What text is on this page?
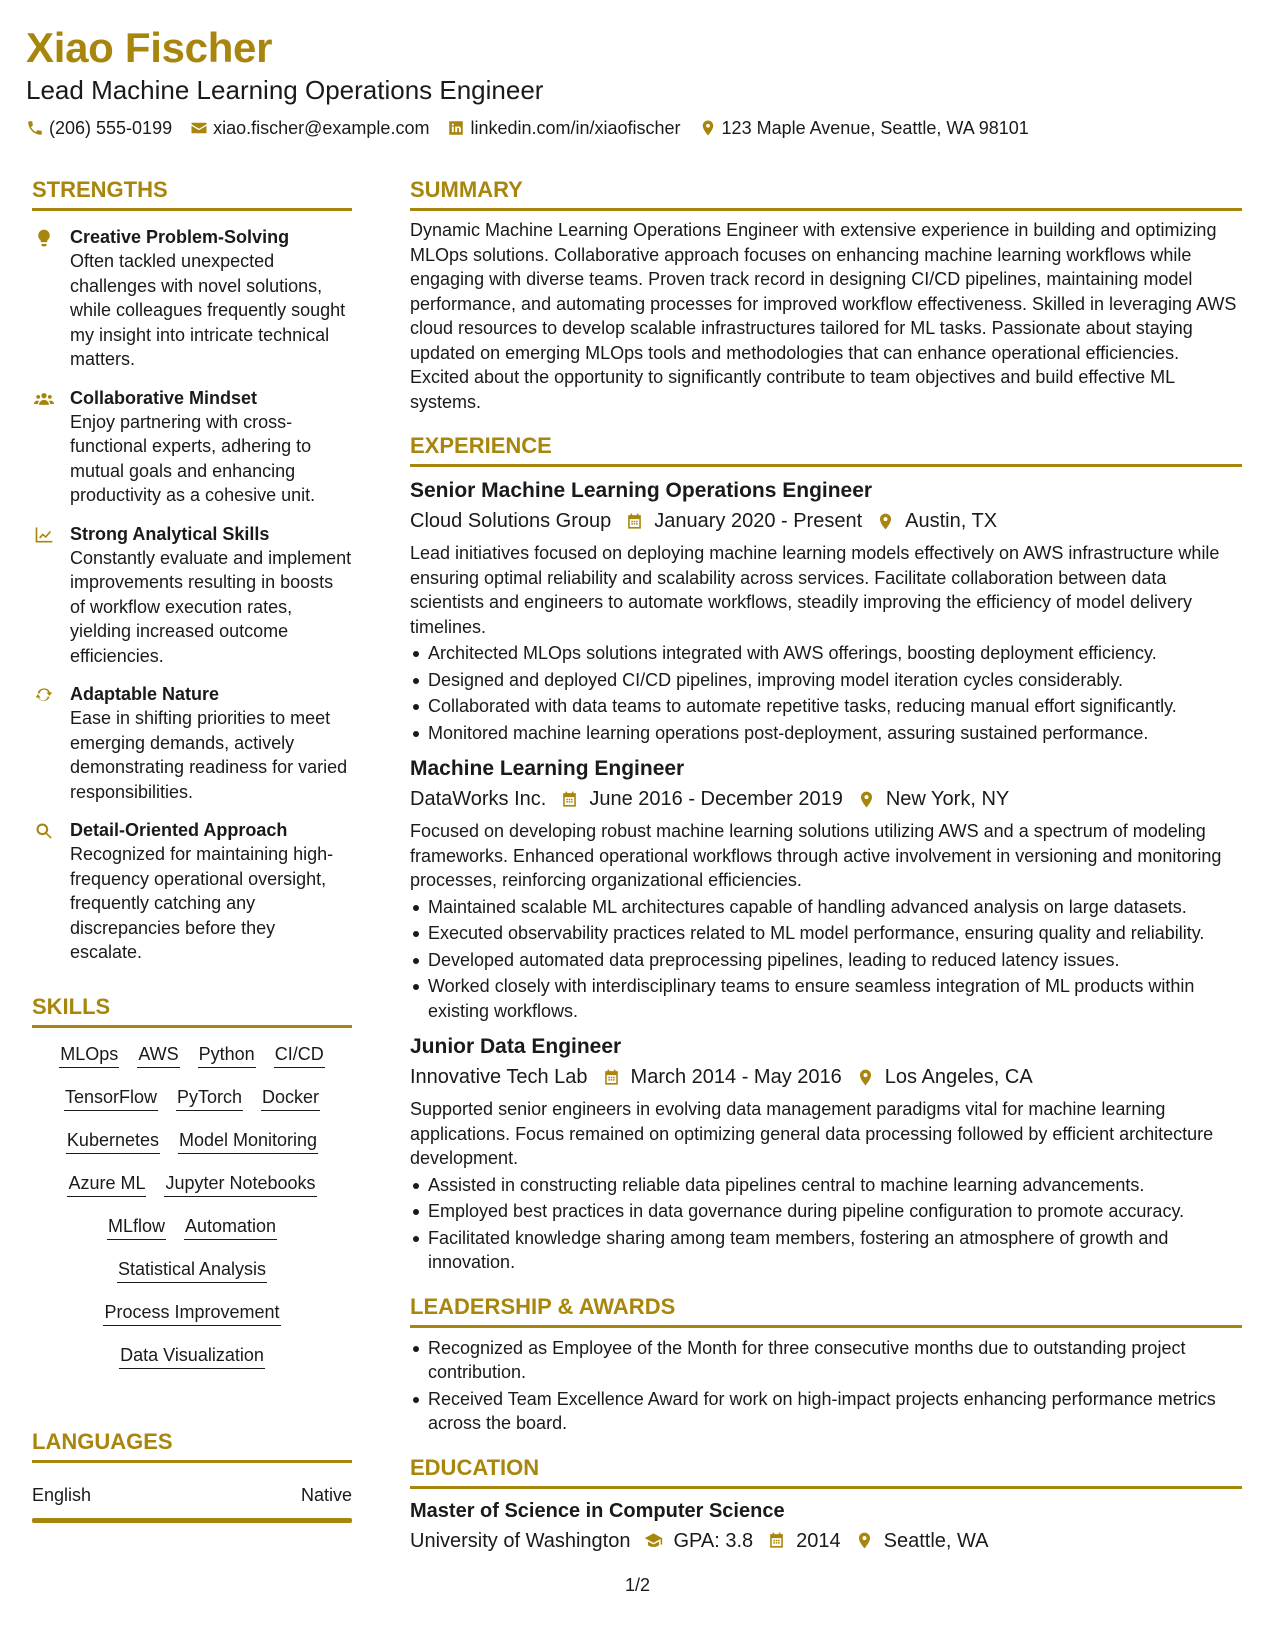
Xiao Fischer
Lead Machine Learning Operations Engineer
(206) 555-0199 xiao.fischer@example.com linkedin.com/in/xiaofischer 123 Maple Avenue, Seattle, WA 98101
STRENGTHS
Creative Problem-Solving
Often tackled unexpected challenges with novel solutions, while colleagues frequently sought my insight into intricate technical matters.
Collaborative Mindset
Enjoy partnering with cross-functional experts, adhering to mutual goals and enhancing productivity as a cohesive unit.
Strong Analytical Skills
Constantly evaluate and implement improvements resulting in boosts of workflow execution rates, yielding increased outcome efficiencies.
Adaptable Nature
Ease in shifting priorities to meet emerging demands, actively demonstrating readiness for varied responsibilities.
Detail-Oriented Approach
Recognized for maintaining high-frequency operational oversight, frequently catching any discrepancies before they escalate.
SKILLS
MLOps AWS Python CI/CD
TensorFlow PyTorch Docker
Kubernetes Model Monitoring
Azure ML Jupyter Notebooks
MLflow Automation
Statistical Analysis
Process Improvement
Data Visualization
LANGUAGES
English	Native
SUMMARY
Dynamic Machine Learning Operations Engineer with extensive experience in building and optimizing MLOps solutions. Collaborative approach focuses on enhancing machine learning workflows while engaging with diverse teams. Proven track record in designing CI/CD pipelines, maintaining model performance, and automating processes for improved workflow effectiveness. Skilled in leveraging AWS cloud resources to develop scalable infrastructures tailored for ML tasks. Passionate about staying updated on emerging MLOps tools and methodologies that can enhance operational efficiencies. Excited about the opportunity to significantly contribute to team objectives and build effective ML systems.
EXPERIENCE
Senior Machine Learning Operations Engineer
Cloud Solutions Group January 2020 - Present Austin, TX
Lead initiatives focused on deploying machine learning models effectively on AWS infrastructure while ensuring optimal reliability and scalability across services. Facilitate collaboration between data scientists and engineers to automate workflows, steadily improving the efficiency of model delivery timelines.
Architected MLOps solutions integrated with AWS offerings, boosting deployment efficiency.
Designed and deployed CI/CD pipelines, improving model iteration cycles considerably.
Collaborated with data teams to automate repetitive tasks, reducing manual effort significantly.
Monitored machine learning operations post-deployment, assuring sustained performance.
Machine Learning Engineer
DataWorks Inc. June 2016 - December 2019 New York, NY
Focused on developing robust machine learning solutions utilizing AWS and a spectrum of modeling frameworks. Enhanced operational workflows through active involvement in versioning and monitoring processes, reinforcing organizational efficiencies.
Maintained scalable ML architectures capable of handling advanced analysis on large datasets.
Executed observability practices related to ML model performance, ensuring quality and reliability.
Developed automated data preprocessing pipelines, leading to reduced latency issues.
Worked closely with interdisciplinary teams to ensure seamless integration of ML products within existing workflows.
Junior Data Engineer
Innovative Tech Lab March 2014 - May 2016 Los Angeles, CA
Supported senior engineers in evolving data management paradigms vital for machine learning applications. Focus remained on optimizing general data processing followed by efficient architecture development.
Assisted in constructing reliable data pipelines central to machine learning advancements.
Employed best practices in data governance during pipeline configuration to promote accuracy.
Facilitated knowledge sharing among team members, fostering an atmosphere of growth and innovation.
LEADERSHIP & AWARDS
Recognized as Employee of the Month for three consecutive months due to outstanding project contribution.
Received Team Excellence Award for work on high-impact projects enhancing performance metrics across the board.
EDUCATION
Master of Science in Computer Science
University of Washington GPA: 3.8 2014 Seattle, WA
1/2
